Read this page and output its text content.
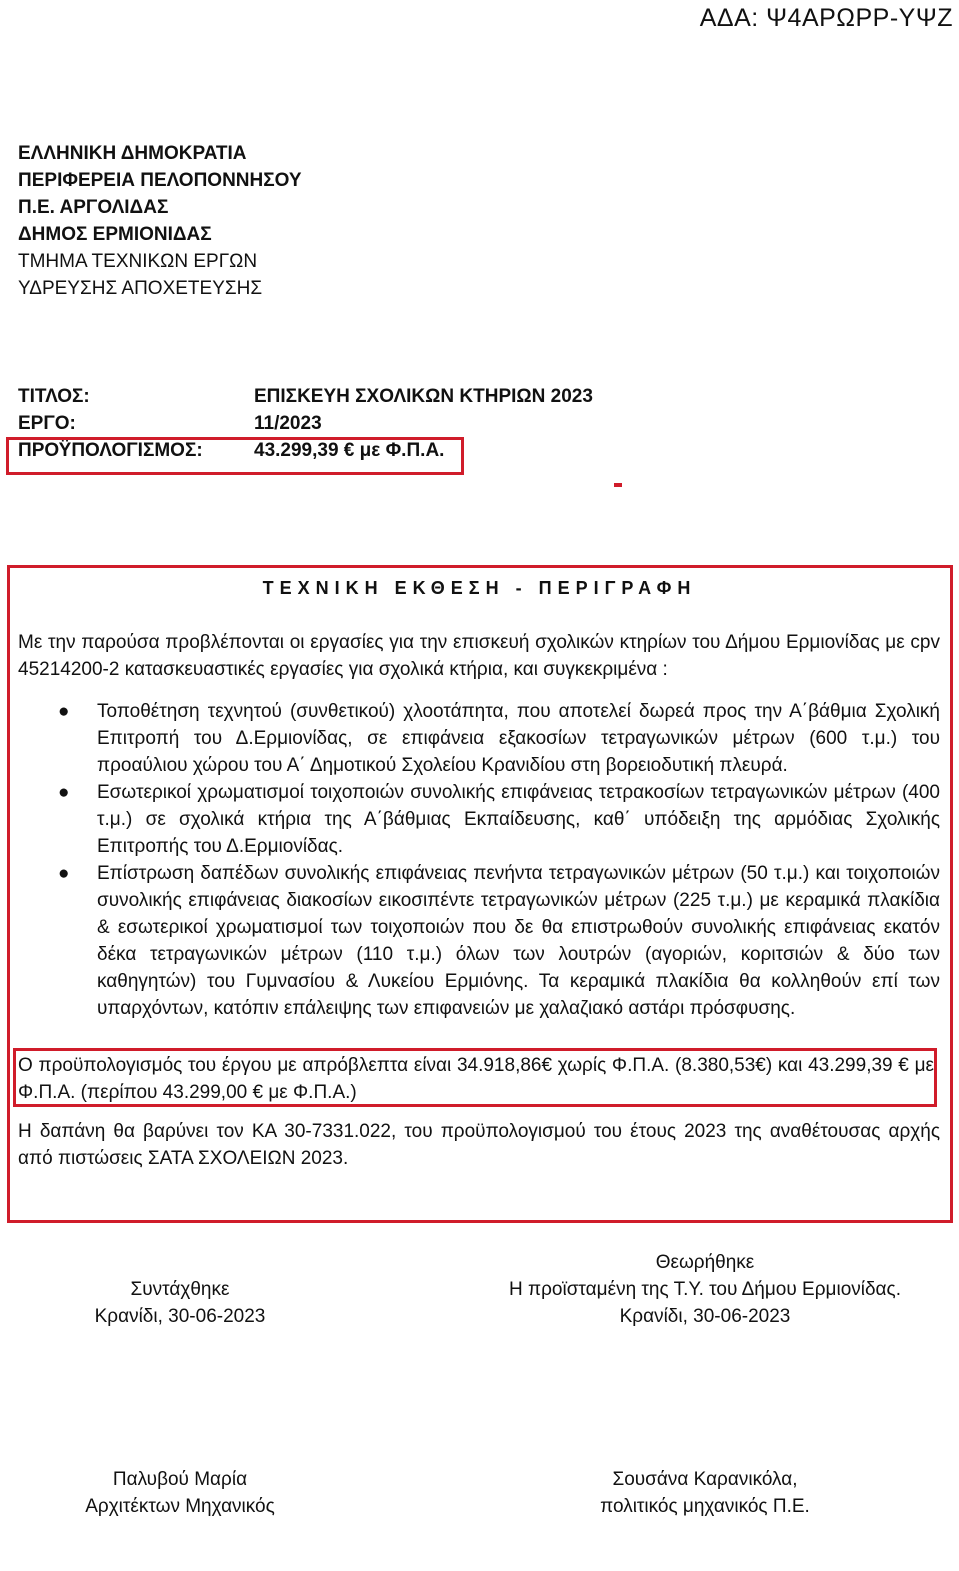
ΑΔΑ: Ψ4ΑΡΩΡΡ-ΥΨΖ
ΕΛΛΗΝΙΚΗ ΔΗΜΟΚΡΑΤΙΑ
ΠΕΡΙΦΕΡΕΙΑ ΠΕΛΟΠΟΝΝΗΣΟΥ
Π.Ε. ΑΡΓΟΛΙΔΑΣ
ΔΗΜΟΣ ΕΡΜΙΟΝΙΔΑΣ
ΤΜΗΜΑ ΤΕΧΝΙΚΩΝ ΕΡΓΩΝ
ΥΔΡΕΥΣΗΣ ΑΠΟΧΕΤΕΥΣΗΣ
ΤΙΤΛΟΣ:	ΕΠΙΣΚΕΥΗ ΣΧΟΛΙΚΩΝ ΚΤΗΡΙΩΝ 2023
ΕΡΓΟ:	11/2023
ΠΡΟΫΠΟΛΟΓΙΣΜΟΣ:	43.299,39 € με Φ.Π.Α.
ΤΕΧΝΙΚΗ ΕΚΘΕΣΗ - ΠΕΡΙΓΡΑΦΗ
Με την παρούσα προβλέπονται οι εργασίες για την επισκευή σχολικών κτηρίων του Δήμου Ερμιονίδας με cpv 45214200-2 κατασκευαστικές εργασίες για σχολικά κτήρια, και συγκεκριμένα :
● Τοποθέτηση τεχνητού (συνθετικού) χλοοτάπητα, που αποτελεί δωρεά προς την Α΄βάθμια Σχολική Επιτροπή του Δ.Ερμιονίδας, σε επιφάνεια εξακοσίων τετραγωνικών μέτρων (600 τ.μ.) του προαύλιου χώρου του Α΄ Δημοτικού Σχολείου Κρανιδίου στη βορειοδυτική πλευρά.
● Εσωτερικοί χρωματισμοί τοιχοποιών συνολικής επιφάνειας τετρακοσίων τετραγωνικών μέτρων (400 τ.μ.) σε σχολικά κτήρια της Α΄βάθμιας Εκπαίδευσης, καθ΄ υπόδειξη της αρμόδιας Σχολικής Επιτροπής του Δ.Ερμιονίδας.
● Επίστρωση δαπέδων συνολικής επιφάνειας πενήντα τετραγωνικών μέτρων (50 τ.μ.) και τοιχοποιών συνολικής επιφάνειας διακοσίων εικοσιπέντε τετραγωνικών μέτρων (225 τ.μ.) με κεραμικά πλακίδια & εσωτερικοί χρωματισμοί των τοιχοποιών που δε θα επιστρωθούν συνολικής επιφάνειας εκατόν δέκα τετραγωνικών μέτρων (110 τ.μ.) όλων των λουτρών (αγοριών, κοριτσιών & δύο των καθηγητών) του Γυμνασίου & Λυκείου Ερμιόνης. Τα κεραμικά πλακίδια θα κολληθούν επί των υπαρχόντων, κατόπιν επάλειψης των επιφανειών με χαλαζιακό αστάρι πρόσφυσης.
Ο προϋπολογισμός του έργου με απρόβλεπτα είναι 34.918,86€ χωρίς Φ.Π.Α. (8.380,53€) και 43.299,39 € με Φ.Π.Α. (περίπου 43.299,00 € με Φ.Π.Α.)
Η δαπάνη θα βαρύνει τον ΚΑ 30-7331.022, του προϋπολογισμού του έτους 2023 της αναθέτουσας αρχής από πιστώσεις ΣΑΤΑ ΣΧΟΛΕΙΩΝ 2023.
Συντάχθηκε
Κρανίδι, 30-06-2023
Θεωρήθηκε
Η προϊσταμένη της Τ.Υ. του Δήμου Ερμιονίδας.
Κρανίδι, 30-06-2023
Παλυβού Μαρία
Αρχιτέκτων Μηχανικός
Σουσάνα Καρανικόλα,
πολιτικός μηχανικός Π.Ε.
